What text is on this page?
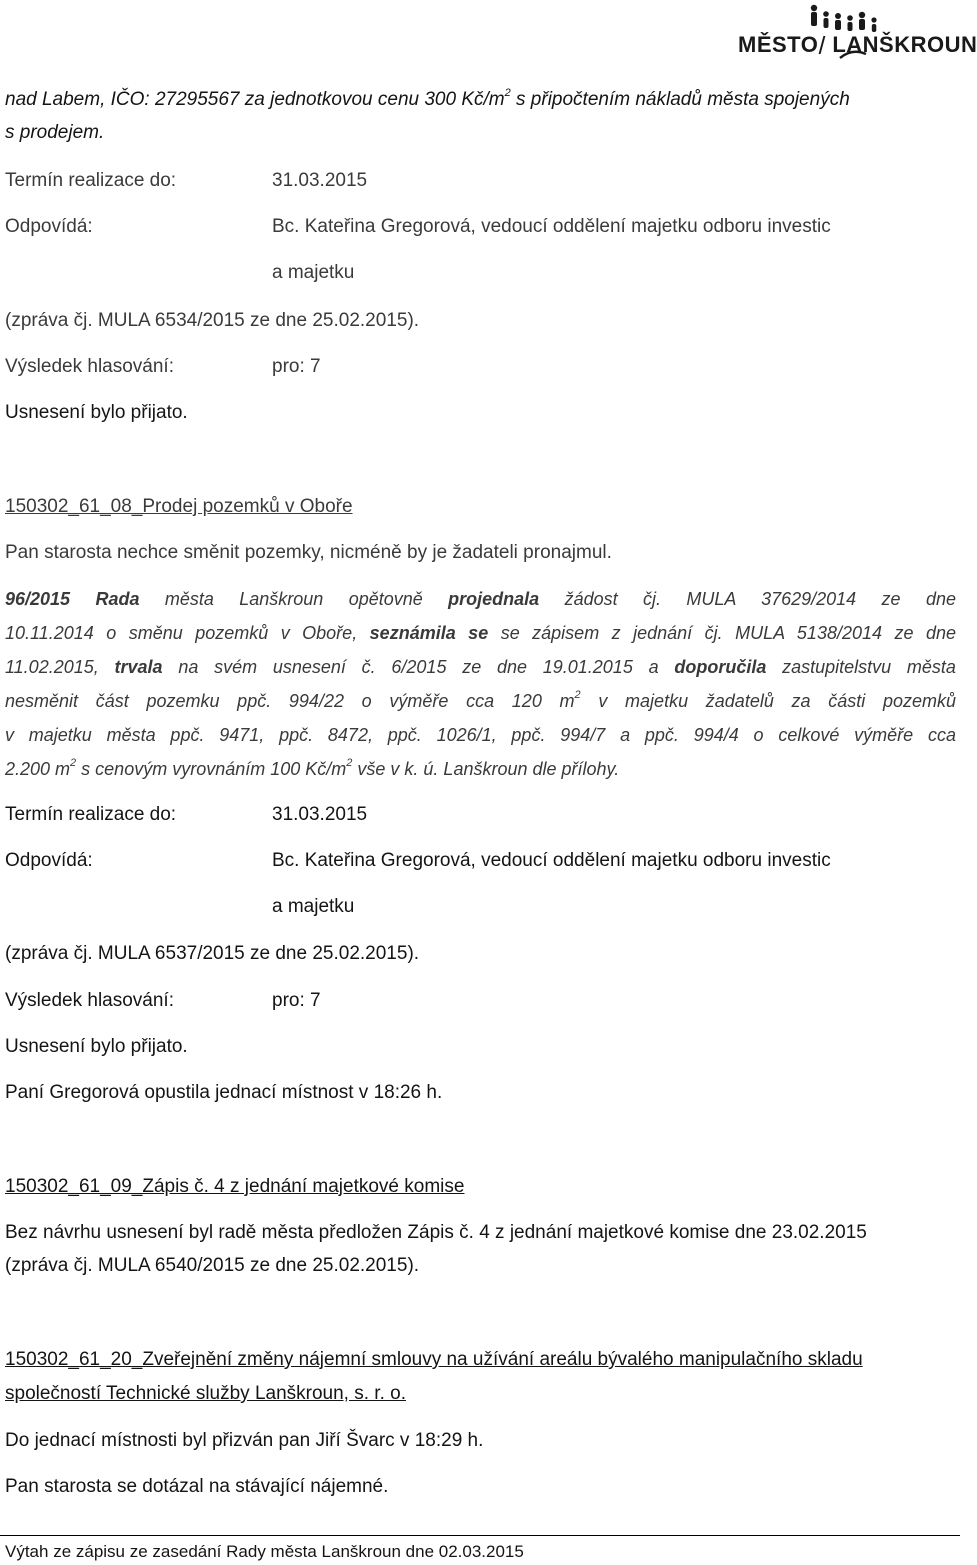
MĚSTO LANŠKROUN
nad Labem, IČO: 27295567 za jednotkovou cenu 300 $Kč/m^2$ s připočtením nákladů města spojených
s prodejem.
Termín realizace do:	31.03.2015
Odpovídá:	Bc. Kateřina Gregorová, vedoucí oddělení majetku odboru investic
a majetku
(zpráva čj. MULA 6534/2015 ze dne 25.02.2015).
Výsledek hlasování:	pro: 7
Usnesení bylo přijato.
150302_61_08_Prodej pozemků v Oboře
Pan starosta nechce směnit pozemky, nicméně by je žadateli pronajmul.
96/2015 Rada města Lanškroun opětovně projednala žádost čj. MULA 37629/2014 ze dne
10.11.2014 o směnu pozemků v Oboře, seznámila se se zápisem z jednání čj. MULA 5138/2014 ze dne
11.02.2015, trvala na svém usnesení č. 6/2015 ze dne 19.01.2015 a doporučila zastupitelstvu města
nesměnit část pozemku ppč. 994/22 o výměře cca 120 $m^2$ v majetku žadatelů za části pozemků
v majetku města ppč. 9471, ppč. 8472, ppč. 1026/1, ppč. 994/7 a ppč. 994/4 o celkové výměře cca
2.200 $m^2$ s cenovým vyrovnáním 100 $Kč/m^2$ vše v k. ú. Lanškroun dle přílohy.
Termín realizace do:	31.03.2015
Odpovídá:	Bc. Kateřina Gregorová, vedoucí oddělení majetku odboru investic
a majetku
(zpráva čj. MULA 6537/2015 ze dne 25.02.2015).
Výsledek hlasování:	pro: 7
Usnesení bylo přijato.
Paní Gregorová opustila jednací místnost v 18:26 h.
150302_61_09_Zápis č. 4 z jednání majetkové komise
Bez návrhu usnesení byl radě města předložen Zápis č. 4 z jednání majetkové komise dne 23.02.2015
(zpráva čj. MULA 6540/2015 ze dne 25.02.2015).
150302_61_20_Zveřejnění změny nájemní smlouvy na užívání areálu bývalého manipulačního skladu
společností Technické služby Lanškroun, s. r. o.
Do jednací místnosti byl přizván pan Jiří Švarc v 18:29 h.
Pan starosta se dotázal na stávající nájemné.
Výtah ze zápisu ze zasedání Rady města Lanškroun dne 02.03.2015
